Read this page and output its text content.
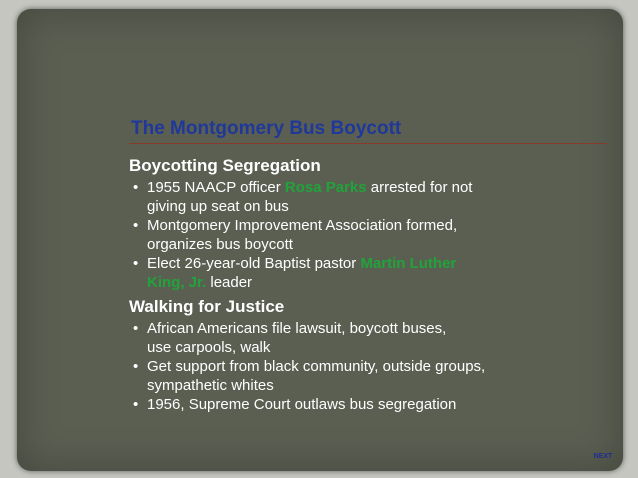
The Montgomery Bus Boycott
Boycotting Segregation
• 1955 NAACP officer Rosa Parks arrested for not
giving up seat on bus
• Montgomery Improvement Association formed,
organizes bus boycott
• Elect 26-year-old Baptist pastor Martin Luther
King, Jr. leader
Walking for Justice
• African Americans file lawsuit, boycott buses,
use carpools, walk
• Get support from black community, outside groups,
sympathetic whites
• 1956, Supreme Court outlaws bus segregation
NEXT
